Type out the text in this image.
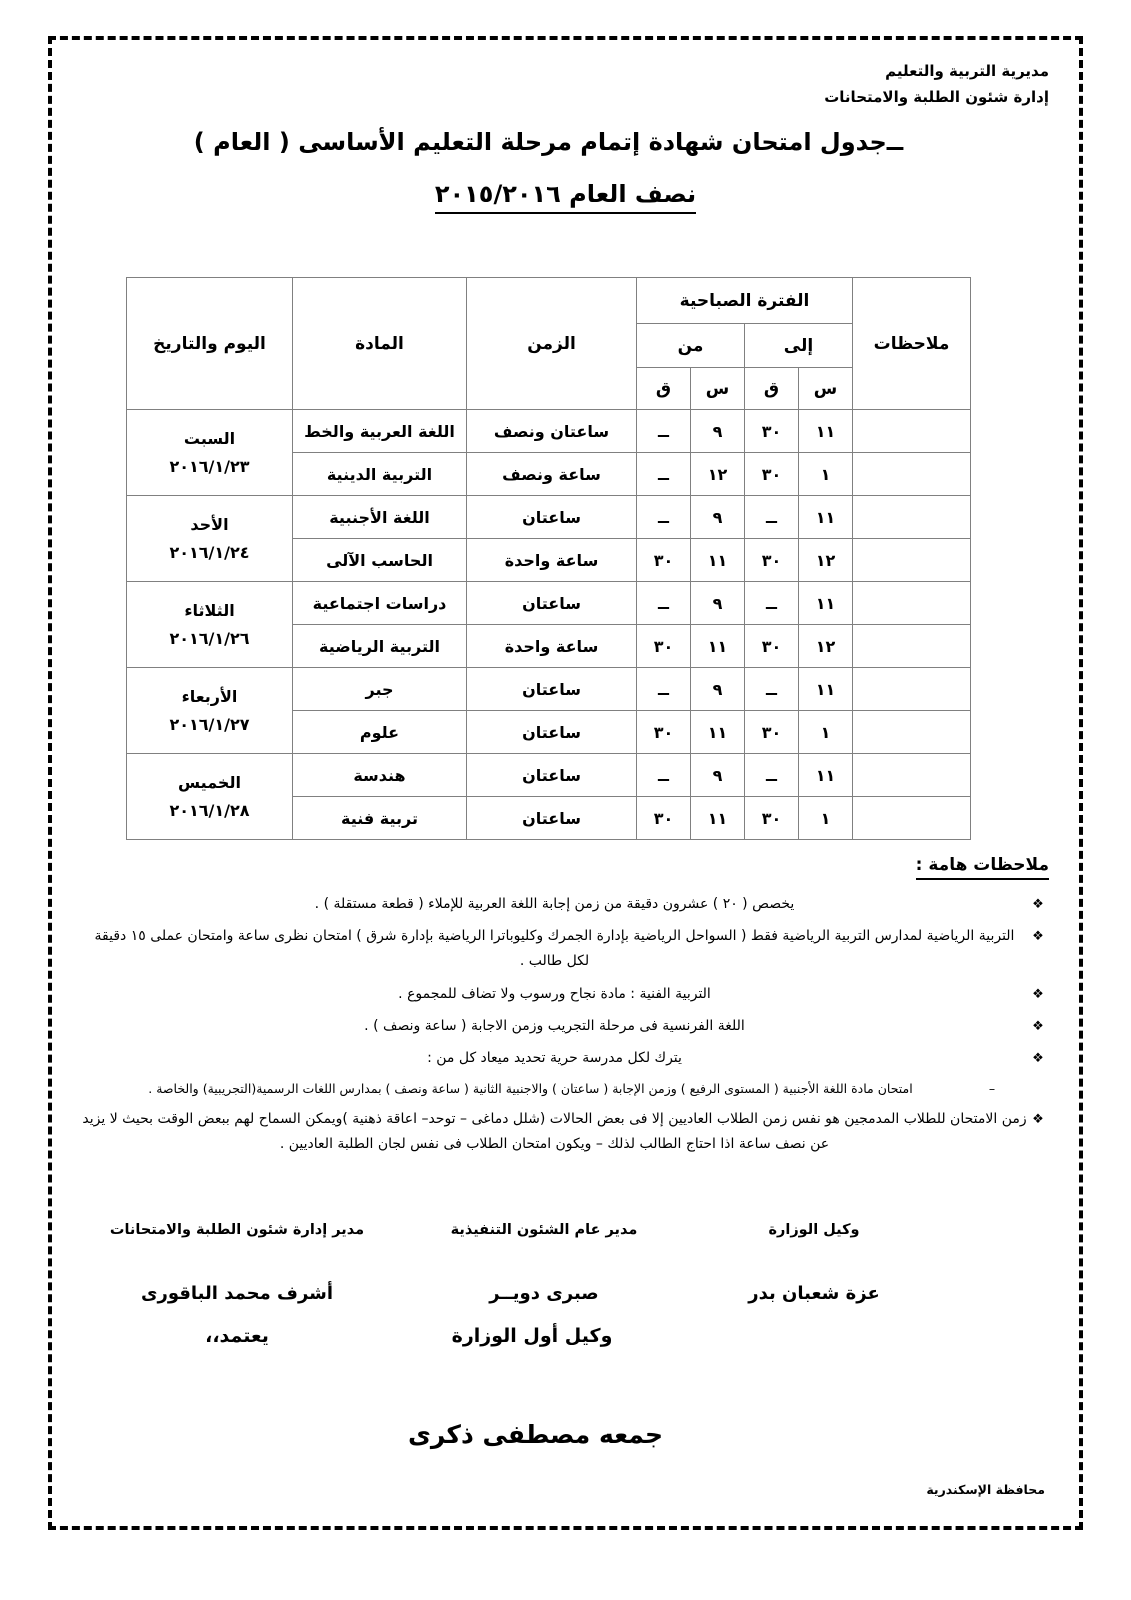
مديرية التربية والتعليم
إدارة شئون الطلبة والامتحانات
ــجدول امتحان شهادة إتمام مرحلة التعليم الأساسى ( العام )
نصف العام ٢٠١٥/٢٠١٦
ملاحظات	الفترة الصباحية				الزمن	المادة	اليوم والتاريخ
	إلى		من				
	س	ق	س	ق			
	١١	٣٠	٩	ــ	ساعتان ونصف	اللغة العربية والخط	السبت
٢٠١٦/١/٢٣

	١	٣٠	١٢	ــ	ساعة ونصف	التربية الدينية	
	١١	ــ	٩	ــ	ساعتان	اللغة الأجنبية	الأحد
٢٠١٦/١/٢٤

	١٢	٣٠	١١	٣٠	ساعة واحدة	الحاسب الآلى	
	١١	ــ	٩	ــ	ساعتان	دراسات اجتماعية	الثلاثاء
٢٠١٦/١/٢٦

	١٢	٣٠	١١	٣٠	ساعة واحدة	التربية الرياضية	
	١١	ــ	٩	ــ	ساعتان	جبر	الأربعاء
٢٠١٦/١/٢٧

	١	٣٠	١١	٣٠	ساعتان	علوم	
	١١	ــ	٩	ــ	ساعتان	هندسة	الخميس
٢٠١٦/١/٢٨

	١	٣٠	١١	٣٠	ساعتان	تربية فنية	
ملاحظات هامة :
❖
يخصص ( ٢٠ ) عشرون دقيقة من زمن إجابة اللغة العربية للإملاء ( قطعة مستقلة ) .
❖
التربية الرياضية لمدارس التربية الرياضية فقط ( السواحل الرياضية بإدارة الجمرك وكليوباترا الرياضية بإدارة شرق ) امتحان نظرى ساعة وامتحان عملى ١٥ دقيقة لكل طالب .
❖
التربية الفنية : مادة نجاح ورسوب ولا تضاف للمجموع .
❖
اللغة الفرنسية فى مرحلة التجريب وزمن الاجابة ( ساعة ونصف ) .
❖
يترك لكل مدرسة حرية تحديد ميعاد كل من :
–
امتحان مادة اللغة الأجنبية ( المستوى الرفيع ) وزمن الإجابة ( ساعتان ) والاجنبية الثانية ( ساعة ونصف ) بمدارس اللغات الرسمية(التجريبية) والخاصة .
❖
زمن الامتحان للطلاب المدمجين هو نفس زمن الطلاب العاديين إلا فى بعض الحالات (شلل دماغى – توحد– اعاقة ذهنية )ويمكن السماح لهم ببعض الوقت بحيث لا يزيد عن نصف ساعة اذا احتاج الطالب لذلك – ويكون امتحان الطلاب فى نفس لجان الطلبة العاديين .
مدير إدارة شئون الطلبة والامتحانات	مدير عام الشئون التنفيذية	وكيل الوزارة
أشرف محمد الباقورى	صبرى دويــر	عزة شعبان بدر
يعتمد،،	وكيل أول الوزارة
جمعه مصطفى ذكرى
محافظة الإسكندرية
